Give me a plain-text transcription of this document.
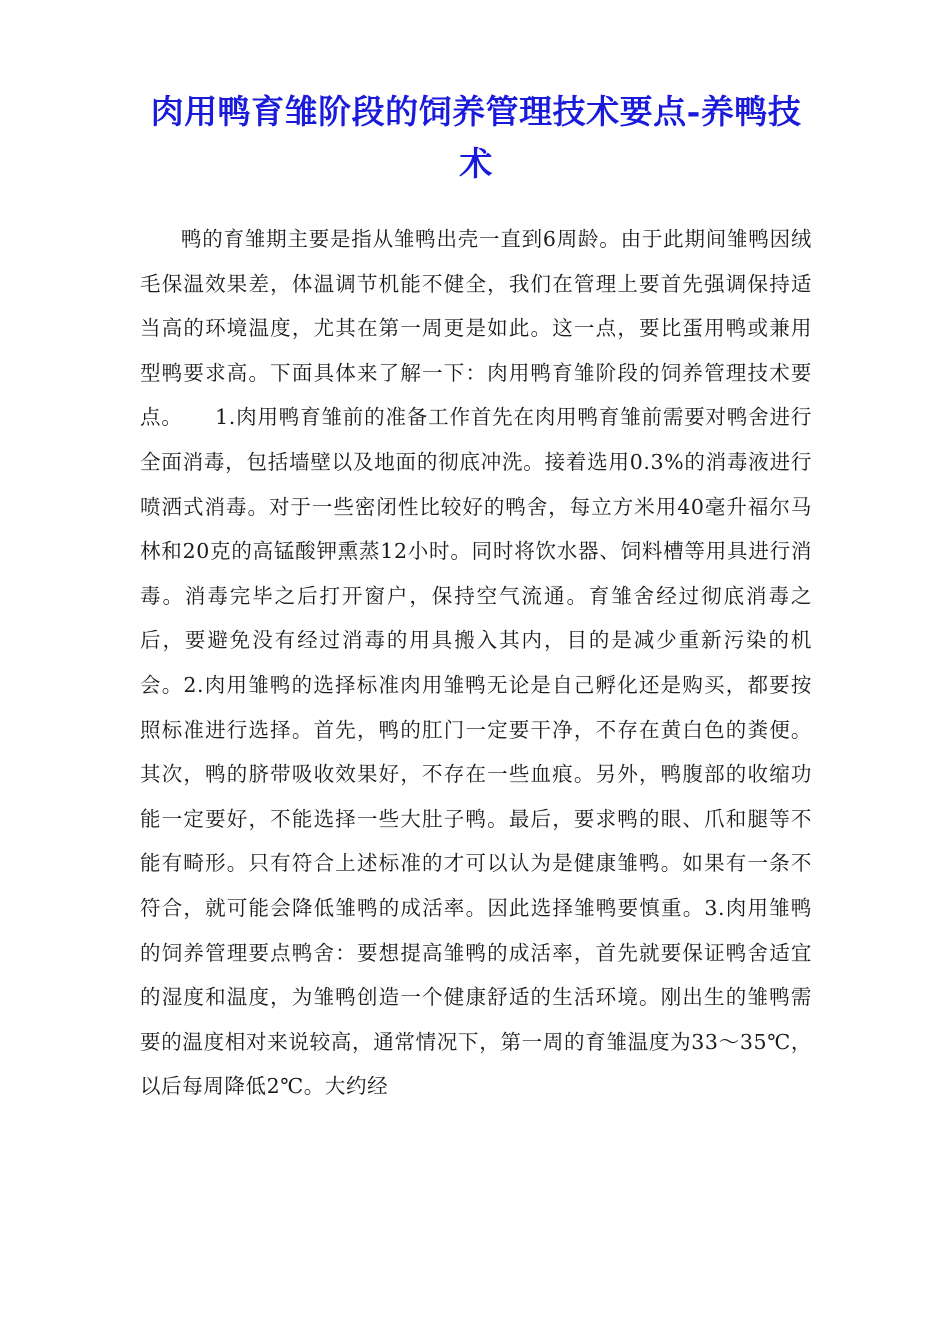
肉用鸭育雏阶段的饲养管理技术要点-养鸭技术

鸭的育雏期主要是指从雏鸭出壳一直到6周龄。由于此期间雏鸭因绒毛保温效果差，体温调节机能不健全，我们在管理上要首先强调保持适当高的环境温度，尤其在第一周更是如此。这一点，要比蛋用鸭或兼用型鸭要求高。下面具体来了解一下：肉用鸭育雏阶段的饲养管理技术要点。　　1.肉用鸭育雏前的准备工作首先在肉用鸭育雏前需要对鸭舍进行全面消毒，包括墙壁以及地面的彻底冲洗。接着选用0.3%的消毒液进行喷洒式消毒。对于一些密闭性比较好的鸭舍，每立方米用40毫升福尔马林和20克的高锰酸钾熏蒸12小时。同时将饮水器、饲料槽等用具进行消毒。消毒完毕之后打开窗户，保持空气流通。育雏舍经过彻底消毒之后，要避免没有经过消毒的用具搬入其内，目的是减少重新污染的机会。2.肉用雏鸭的选择标准肉用雏鸭无论是自己孵化还是购买，都要按照标准进行选择。首先，鸭的肛门一定要干净，不存在黄白色的粪便。其次，鸭的脐带吸收效果好，不存在一些血痕。另外，鸭腹部的收缩功能一定要好，不能选择一些大肚子鸭。最后，要求鸭的眼、爪和腿等不能有畸形。只有符合上述标准的才可以认为是健康雏鸭。如果有一条不符合，就可能会降低雏鸭的成活率。因此选择雏鸭要慎重。3.肉用雏鸭的饲养管理要点鸭舍：要想提高雏鸭的成活率，首先就要保证鸭舍适宜的湿度和温度，为雏鸭创造一个健康舒适的生活环境。刚出生的雏鸭需要的温度相对来说较高，通常情况下，第一周的育雏温度为33～35℃，以后每周降低2℃。大约经
